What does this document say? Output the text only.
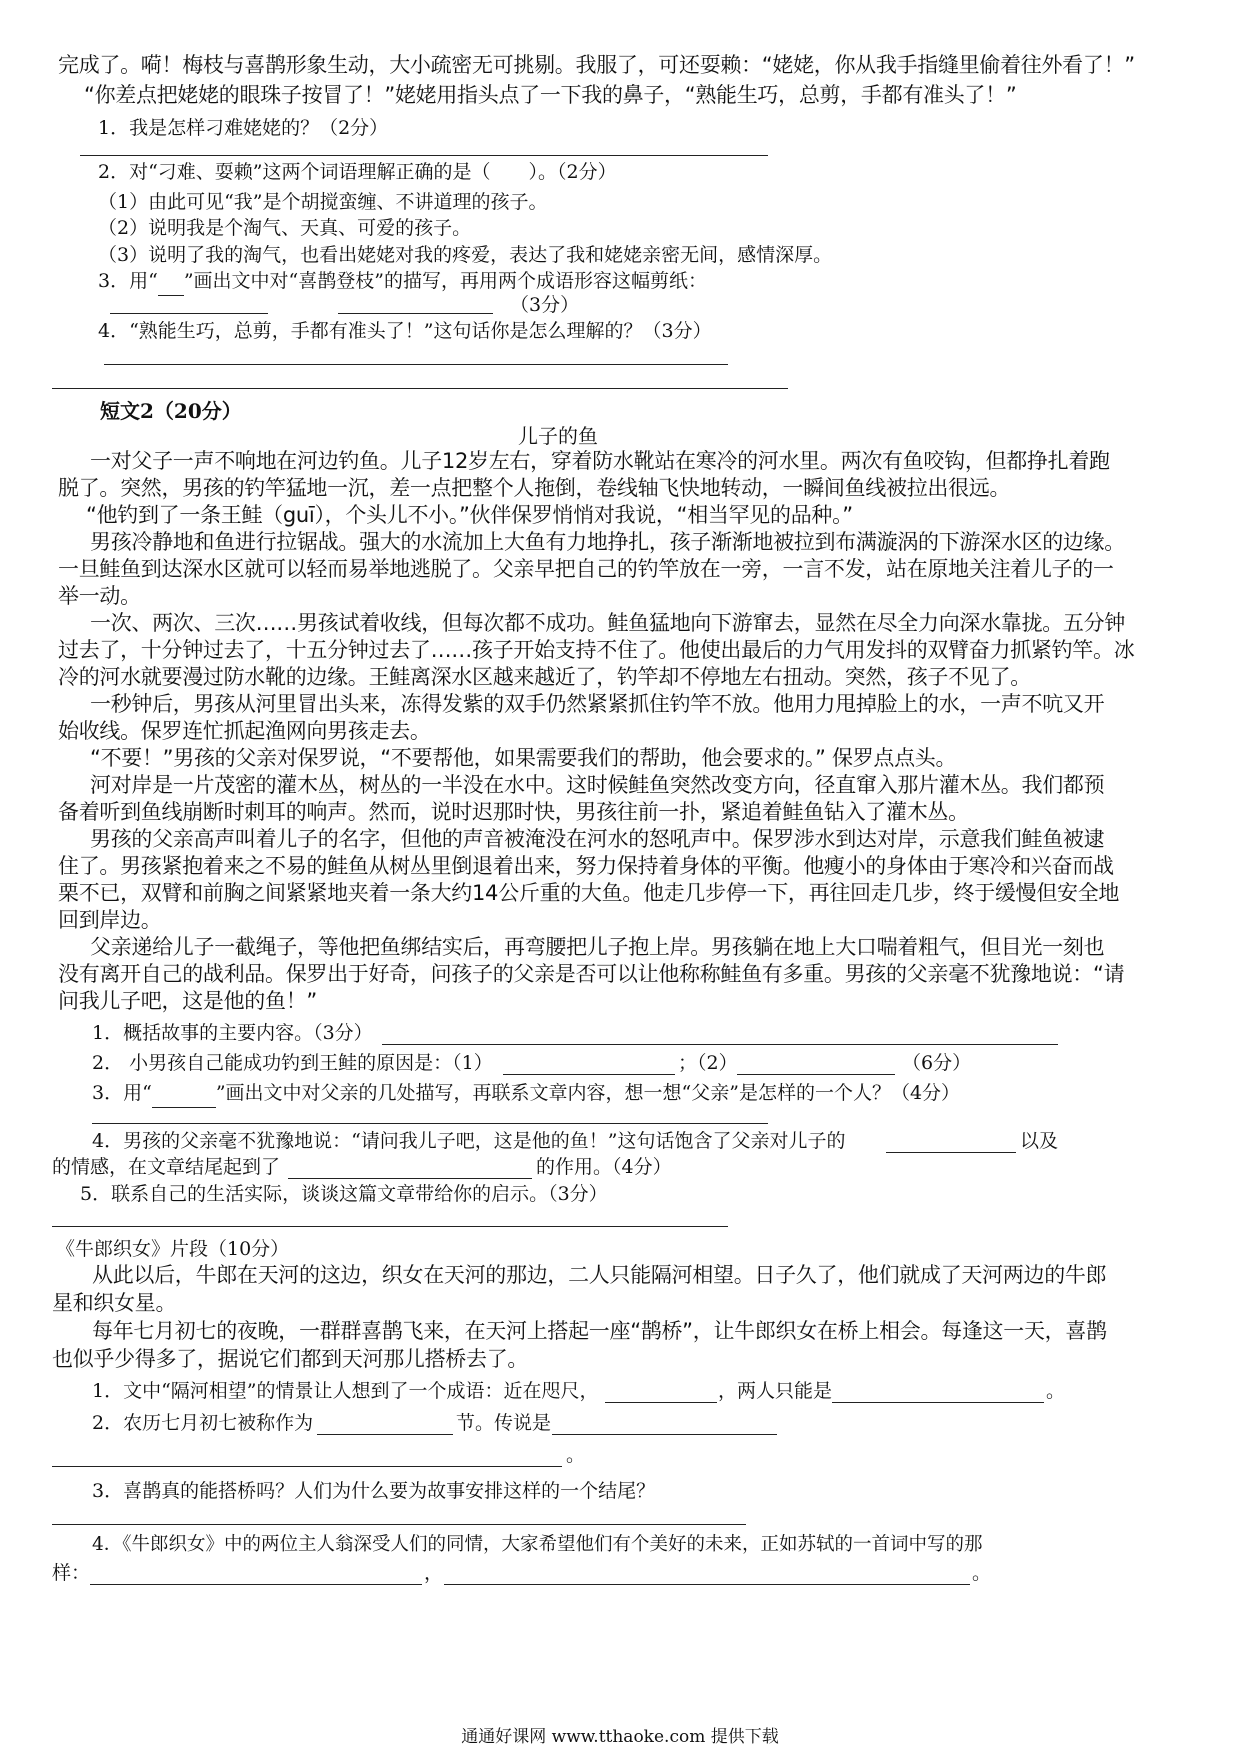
完成了。嗬！梅枝与喜鹊形象生动，大小疏密无可挑剔。我服了，可还耍赖：“姥姥，你从我手指缝里偷着往外看了！”
“你差点把姥姥的眼珠子按冒了！”姥姥用指头点了一下我的鼻子，“熟能生巧，总剪，手都有准头了！”
1．我是怎样刁难姥姥的？（2分）
2．对“刁难、耍赖”这两个词语理解正确的是（　　）。（2分）
（1）由此可见“我”是个胡搅蛮缠、不讲道理的孩子。
（2）说明我是个淘气、天真、可爱的孩子。
（3）说明了我的淘气，也看出姥姥对我的疼爱，表达了我和姥姥亲密无间，感情深厚。
3．用“ ”画出文中对“喜鹊登枝”的描写，再用两个成语形容这幅剪纸：
（3分）
4．“熟能生巧，总剪，手都有准头了！”这句话你是怎么理解的？（3分）
短文2（20分）
儿子的鱼
一对父子一声不响地在河边钓鱼。儿子12岁左右，穿着防水靴站在寒冷的河水里。两次有鱼咬钩，但都挣扎着跑
脱了。突然，男孩的钓竿猛地一沉，差一点把整个人拖倒，卷线轴飞快地转动，一瞬间鱼线被拉出很远。
“他钓到了一条王鲑（guī），个头儿不小。”伙伴保罗悄悄对我说，“相当罕见的品种。”
男孩冷静地和鱼进行拉锯战。强大的水流加上大鱼有力地挣扎，孩子渐渐地被拉到布满漩涡的下游深水区的边缘。
一旦鲑鱼到达深水区就可以轻而易举地逃脱了。父亲早把自己的钓竿放在一旁，一言不发，站在原地关注着儿子的一
举一动。
一次、两次、三次……男孩试着收线，但每次都不成功。鲑鱼猛地向下游窜去，显然在尽全力向深水靠拢。五分钟
过去了，十分钟过去了，十五分钟过去了……孩子开始支持不住了。他使出最后的力气用发抖的双臂奋力抓紧钓竿。冰
冷的河水就要漫过防水靴的边缘。王鲑离深水区越来越近了，钓竿却不停地左右扭动。突然，孩子不见了。
一秒钟后，男孩从河里冒出头来，冻得发紫的双手仍然紧紧抓住钓竿不放。他用力甩掉脸上的水，一声不吭又开
始收线。保罗连忙抓起渔网向男孩走去。
“不要！”男孩的父亲对保罗说，“不要帮他，如果需要我们的帮助，他会要求的。” 保罗点点头。
河对岸是一片茂密的灌木丛，树丛的一半没在水中。这时候鲑鱼突然改变方向，径直窜入那片灌木丛。我们都预
备着听到鱼线崩断时刺耳的响声。然而，说时迟那时快，男孩往前一扑，紧追着鲑鱼钻入了灌木丛。
男孩的父亲高声叫着儿子的名字，但他的声音被淹没在河水的怒吼声中。保罗涉水到达对岸，示意我们鲑鱼被逮
住了。男孩紧抱着来之不易的鲑鱼从树丛里倒退着出来，努力保持着身体的平衡。他瘦小的身体由于寒冷和兴奋而战
栗不已，双臂和前胸之间紧紧地夹着一条大约14公斤重的大鱼。他走几步停一下，再往回走几步，终于缓慢但安全地
回到岸边。
父亲递给儿子一截绳子，等他把鱼绑结实后，再弯腰把儿子抱上岸。男孩躺在地上大口喘着粗气，但目光一刻也
没有离开自己的战利品。保罗出于好奇，问孩子的父亲是否可以让他称称鲑鱼有多重。男孩的父亲毫不犹豫地说：“请
问我儿子吧，这是他的鱼！”
1．概括故事的主要内容。（3分）
2． 小男孩自己能成功钓到王鲑的原因是：（1）	；（2）	（6分）
3．用“	”画出文中对父亲的几处描写，再联系文章内容，想一想“父亲”是怎样的一个人？（4分）
4．男孩的父亲毫不犹豫地说：“请问我儿子吧，这是他的鱼！”这句话饱含了父亲对儿子的	以及
的情感，在文章结尾起到了	的作用。（4分）
5．联系自己的生活实际，谈谈这篇文章带给你的启示。（3分）
《牛郎织女》片段（10分）
从此以后，牛郎在天河的这边，织女在天河的那边，二人只能隔河相望。日子久了，他们就成了天河两边的牛郎
星和织女星。
每年七月初七的夜晚，一群群喜鹊飞来，在天河上搭起一座“鹊桥”，让牛郎织女在桥上相会。每逢这一天，喜鹊
也似乎少得多了，据说它们都到天河那儿搭桥去了。
1．文中“隔河相望”的情景让人想到了一个成语：近在咫尺，	，两人只能是	。
2．农历七月初七被称作为	节。传说是
。
3．喜鹊真的能搭桥吗？人们为什么要为故事安排这样的一个结尾？
4．《牛郎织女》中的两位主人翁深受人们的同情，大家希望他们有个美好的未来，正如苏轼的一首词中写的那
样：	，	。
通通好课网 www.tthaoke.com 提供下载
